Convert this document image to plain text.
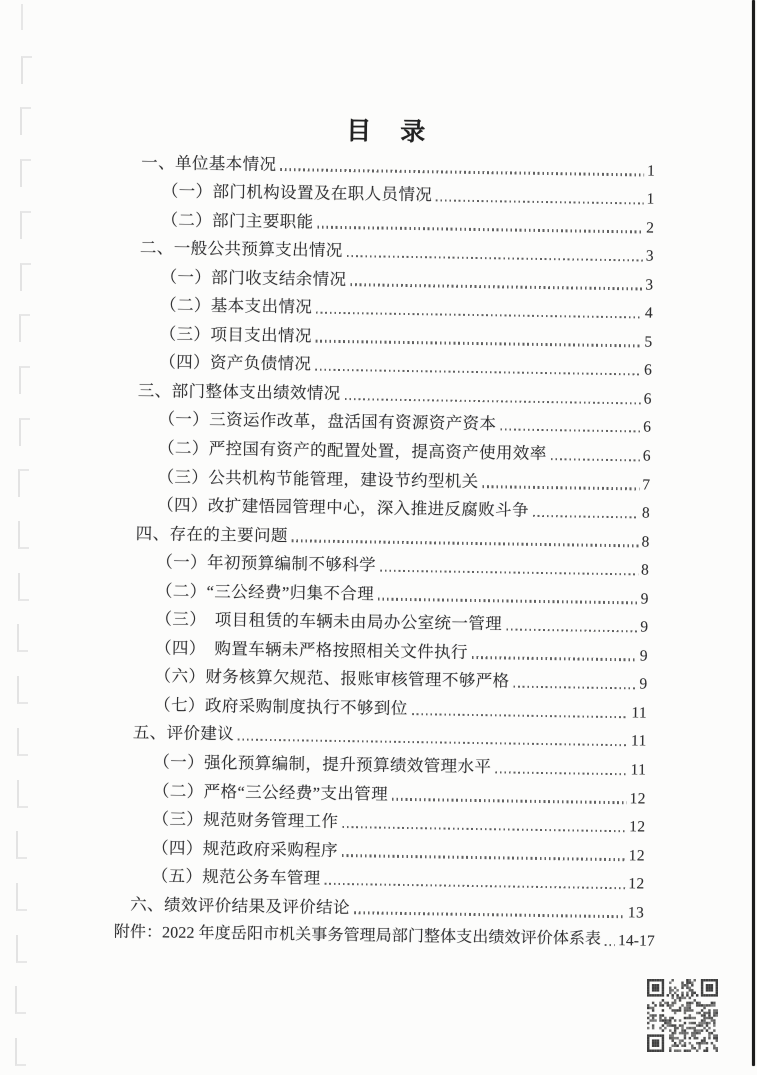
目　录
一、单位基本情况	1
（一）部门机构设置及在职人员情况	1
（二）部门主要职能	2
二、一般公共预算支出情况	3
（一）部门收支结余情况	3
（二）基本支出情况	4
（三）项目支出情况	5
（四）资产负债情况	6
三、部门整体支出绩效情况	6
（一）三资运作改革，盘活国有资源资产资本	6
（二）严控国有资产的配置处置，提高资产使用效率	6
（三）公共机构节能管理，建设节约型机关	7
（四）改扩建悟园管理中心，深入推进反腐败斗争	8
四、存在的主要问题	8
（一）年初预算编制不够科学	8
（二）“三公经费”归集不合理	9
（三）　项目租赁的车辆未由局办公室统一管理	9
（四）　购置车辆未严格按照相关文件执行	9
（六）财务核算欠规范、报账审核管理不够严格	9
（七）政府采购制度执行不够到位	11
五、评价建议	11
（一）强化预算编制，提升预算绩效管理水平	11
（二）严格“三公经费”支出管理	12
（三）规范财务管理工作	12
（四）规范政府采购程序	12
（五）规范公务车管理	12
六、绩效评价结果及评价结论	13
附件：2022 年度岳阳市机关事务管理局部门整体支出绩效评价体系表 14-17
